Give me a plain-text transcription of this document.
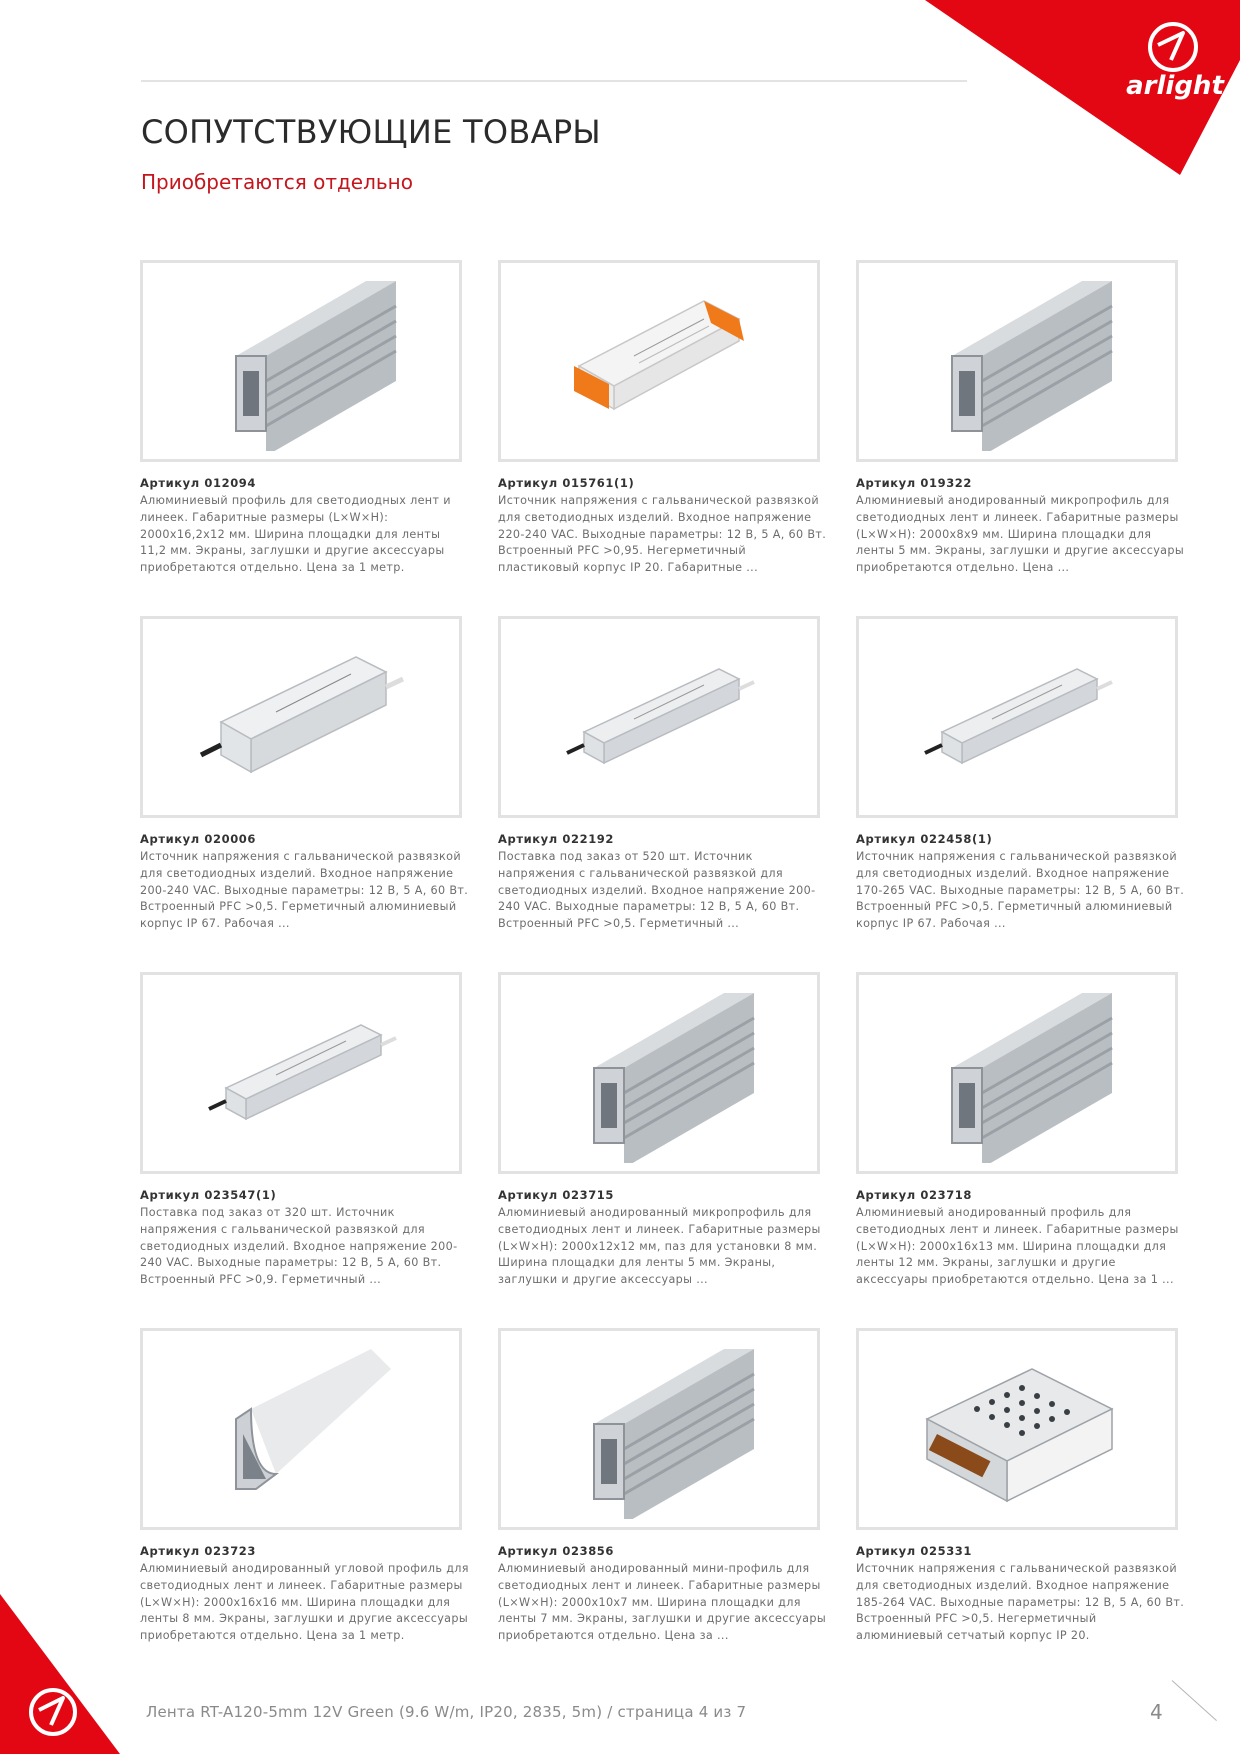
arlight
СОПУТСТВУЮЩИЕ ТОВАРЫ
Приобретаются отдельно
Артикул 012094
Алюминиевый профиль для светодиодных лент и линеек. Габаритные размеры (L×W×H): 2000x16,2x12 мм. Ширина площадки для ленты 11,2 мм. Экраны, заглушки и другие аксессуары приобретаются отдельно. Цена за 1 метр.
Артикул 015761(1)
Источник напряжения с гальванической развязкой для светодиодных изделий. Входное напряжение 220-240 VAC. Выходные параметры: 12 В, 5 А, 60 Вт. Встроенный PFC >0,95. Негерметичный пластиковый корпус IP 20. Габаритные ...
Артикул 019322
Алюминиевый анодированный микропрофиль для светодиодных лент и линеек. Габаритные размеры (L×W×H): 2000x8x9 мм. Ширина площадки для ленты 5 мм. Экраны, заглушки и другие аксессуары приобретаются отдельно. Цена ...
Артикул 020006
Источник напряжения с гальванической развязкой для светодиодных изделий. Входное напряжение 200-240 VAC. Выходные параметры: 12 В, 5 А, 60 Вт. Встроенный PFC >0,5. Герметичный алюминиевый корпус IP 67. Рабочая ...
Артикул 022192
Поставка под заказ от 520 шт. Источник напряжения с гальванической развязкой для светодиодных изделий. Входное напряжение 200-240 VAC. Выходные параметры: 12 В, 5 А, 60 Вт. Встроенный PFC >0,5. Герметичный ...
Артикул 022458(1)
Источник напряжения с гальванической развязкой для светодиодных изделий. Входное напряжение 170-265 VAC. Выходные параметры: 12 В, 5 А, 60 Вт. Встроенный PFC >0,5. Герметичный алюминиевый корпус IP 67. Рабочая ...
Артикул 023547(1)
Поставка под заказ от 320 шт. Источник напряжения с гальванической развязкой для светодиодных изделий. Входное напряжение 200-240 VAC. Выходные параметры: 12 В, 5 А, 60 Вт. Встроенный PFC >0,9. Герметичный ...
Артикул 023715
Алюминиевый анодированный микропрофиль для светодиодных лент и линеек. Габаритные размеры (L×W×H): 2000x12x12 мм, паз для установки 8 мм. Ширина площадки для ленты 5 мм. Экраны, заглушки и другие аксессуары ...
Артикул 023718
Алюминиевый анодированный профиль для светодиодных лент и линеек. Габаритные размеры (L×W×H): 2000x16x13 мм. Ширина площадки для ленты 12 мм. Экраны, заглушки и другие аксессуары приобретаются отдельно. Цена за 1 ...
Артикул 023723
Алюминиевый анодированный угловой профиль для светодиодных лент и линеек. Габаритные размеры (L×W×H): 2000x16x16 мм. Ширина площадки для ленты 8 мм. Экраны, заглушки и другие аксессуары приобретаются отдельно. Цена за 1 метр.
Артикул 023856
Алюминиевый анодированный мини-профиль для светодиодных лент и линеек. Габаритные размеры (L×W×H): 2000x10x7 мм. Ширина площадки для ленты 7 мм. Экраны, заглушки и другие аксессуары приобретаются отдельно. Цена за ...
Артикул 025331
Источник напряжения с гальванической развязкой для светодиодных изделий. Входное напряжение 185-264 VAC. Выходные параметры: 12 В, 5 А, 60 Вт. Встроенный PFC >0,5. Негерметичный алюминиевый сетчатый корпус IP 20.
Лента RT-A120-5mm 12V Green (9.6 W/m, IP20, 2835, 5m) / страница 4 из 7	4
